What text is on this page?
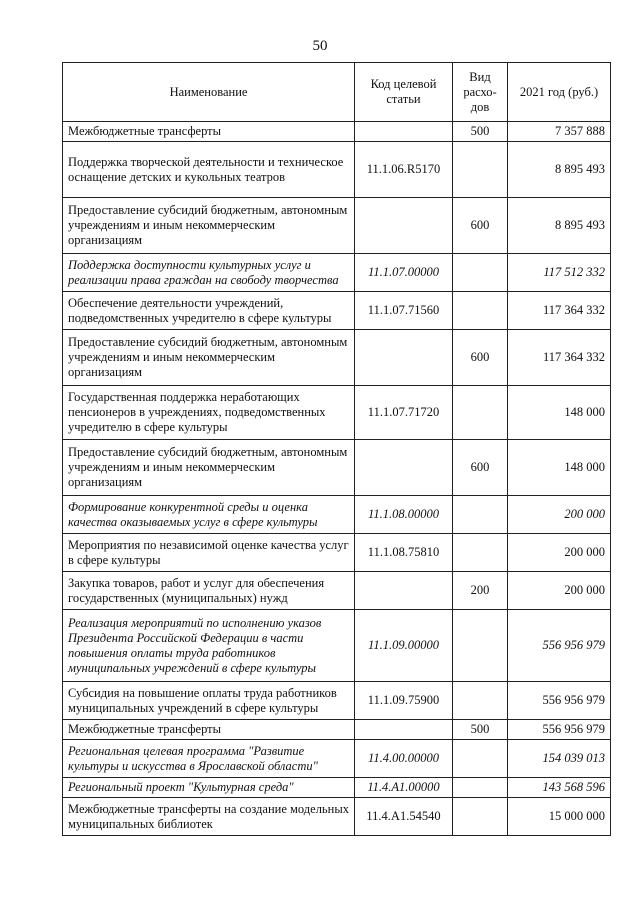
50
Наименование	Код целевой статьи	Вид расхо-дов	2021 год (руб.)
Межбюджетные трансферты		500	7 357 888
Поддержка творческой деятельности и техническое оснащение детских и кукольных театров	11.1.06.R5170		8 895 493
Предоставление субсидий бюджетным, автономным учреждениям и иным некоммерческим организациям		600	8 895 493
Поддержка доступности культурных услуг и реализации права граждан на свободу творчества	11.1.07.00000		117 512 332
Обеспечение деятельности учреждений, подведомственных учредителю в сфере культуры	11.1.07.71560		117 364 332
Предоставление субсидий бюджетным, автономным учреждениям и иным некоммерческим организациям		600	117 364 332
Государственная поддержка неработающих пенсионеров в учреждениях, подведомственных учредителю в сфере культуры	11.1.07.71720		148 000
Предоставление субсидий бюджетным, автономным учреждениям и иным некоммерческим организациям		600	148 000
Формирование конкурентной среды и оценка качества оказываемых услуг в сфере культуры	11.1.08.00000		200 000
Мероприятия по независимой оценке качества услуг в сфере культуры	11.1.08.75810		200 000
Закупка товаров, работ и услуг для обеспечения государственных (муниципальных) нужд		200	200 000
Реализация мероприятий по исполнению указов Президента Российской Федерации в части повышения оплаты труда работников муниципальных учреждений в сфере культуры	11.1.09.00000		556 956 979
Субсидия на повышение оплаты труда работников муниципальных учреждений в сфере культуры	11.1.09.75900		556 956 979
Межбюджетные трансферты		500	556 956 979
Региональная целевая программа "Развитие культуры и искусства в Ярославской области"	11.4.00.00000		154 039 013
Региональный проект "Культурная среда"	11.4.A1.00000		143 568 596
Межбюджетные трансферты на создание модельных муниципальных библиотек	11.4.A1.54540		15 000 000
